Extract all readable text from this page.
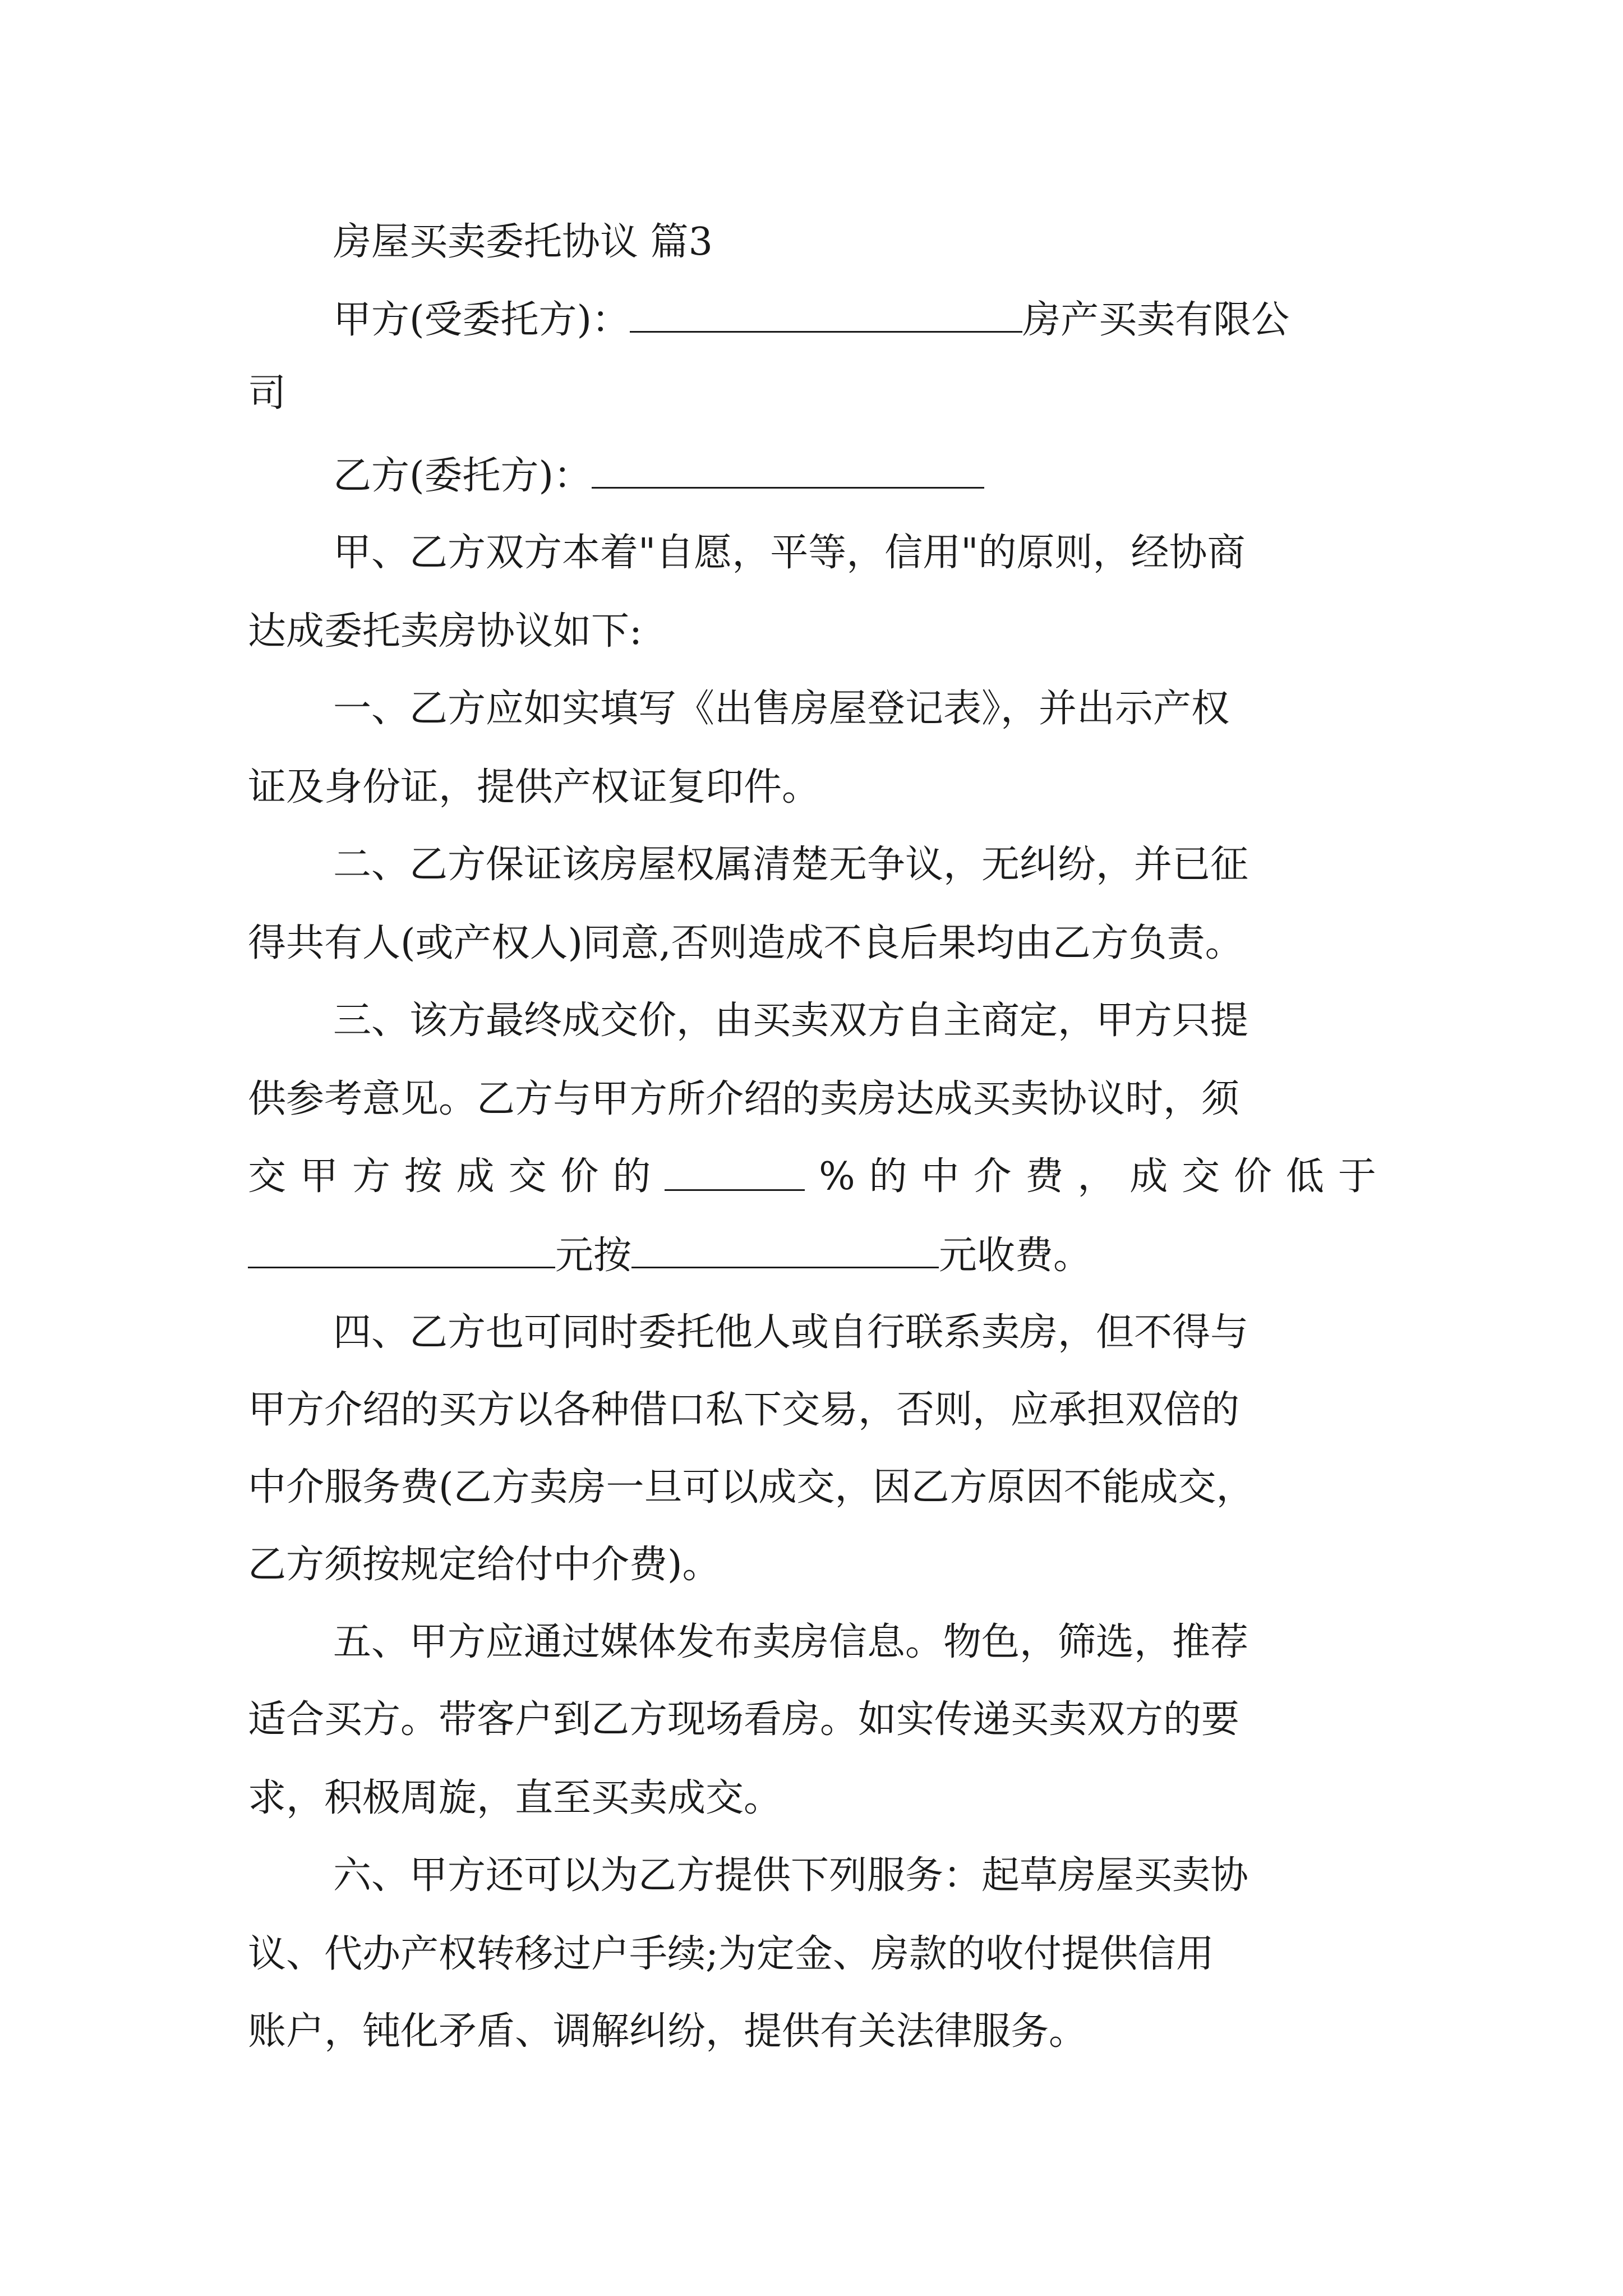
房屋买卖委托协议 篇3
甲方(受委托方)：	房产买卖有限公
司
乙方(委托方)：
甲、乙方双方本着"自愿，平等，信用"的原则，经协商
达成委托卖房协议如下:
一、乙方应如实填写《出售房屋登记表》，并出示产权
证及身份证，提供产权证复印件。
二、乙方保证该房屋权属清楚无争议，无纠纷，并已征
得共有人(或产权人)同意,否则造成不良后果均由乙方负责。
三、该方最终成交价，由买卖双方自主商定，甲方只提
供参考意见。乙方与甲方所介绍的卖房达成买卖协议时，须
交 甲 方 按 成 交 价 的	% 的 中 介 费 ， 成 交 价 低 于
元按	元收费。
四、乙方也可同时委托他人或自行联系卖房，但不得与
甲方介绍的买方以各种借口私下交易，否则，应承担双倍的
中介服务费(乙方卖房一旦可以成交，因乙方原因不能成交，
乙方须按规定给付中介费)。
五、甲方应通过媒体发布卖房信息。物色，筛选，推荐
适合买方。带客户到乙方现场看房。如实传递买卖双方的要
求，积极周旋，直至买卖成交。
六、甲方还可以为乙方提供下列服务：起草房屋买卖协
议、代办产权转移过户手续;为定金、房款的收付提供信用
账户，钝化矛盾、调解纠纷，提供有关法律服务。
